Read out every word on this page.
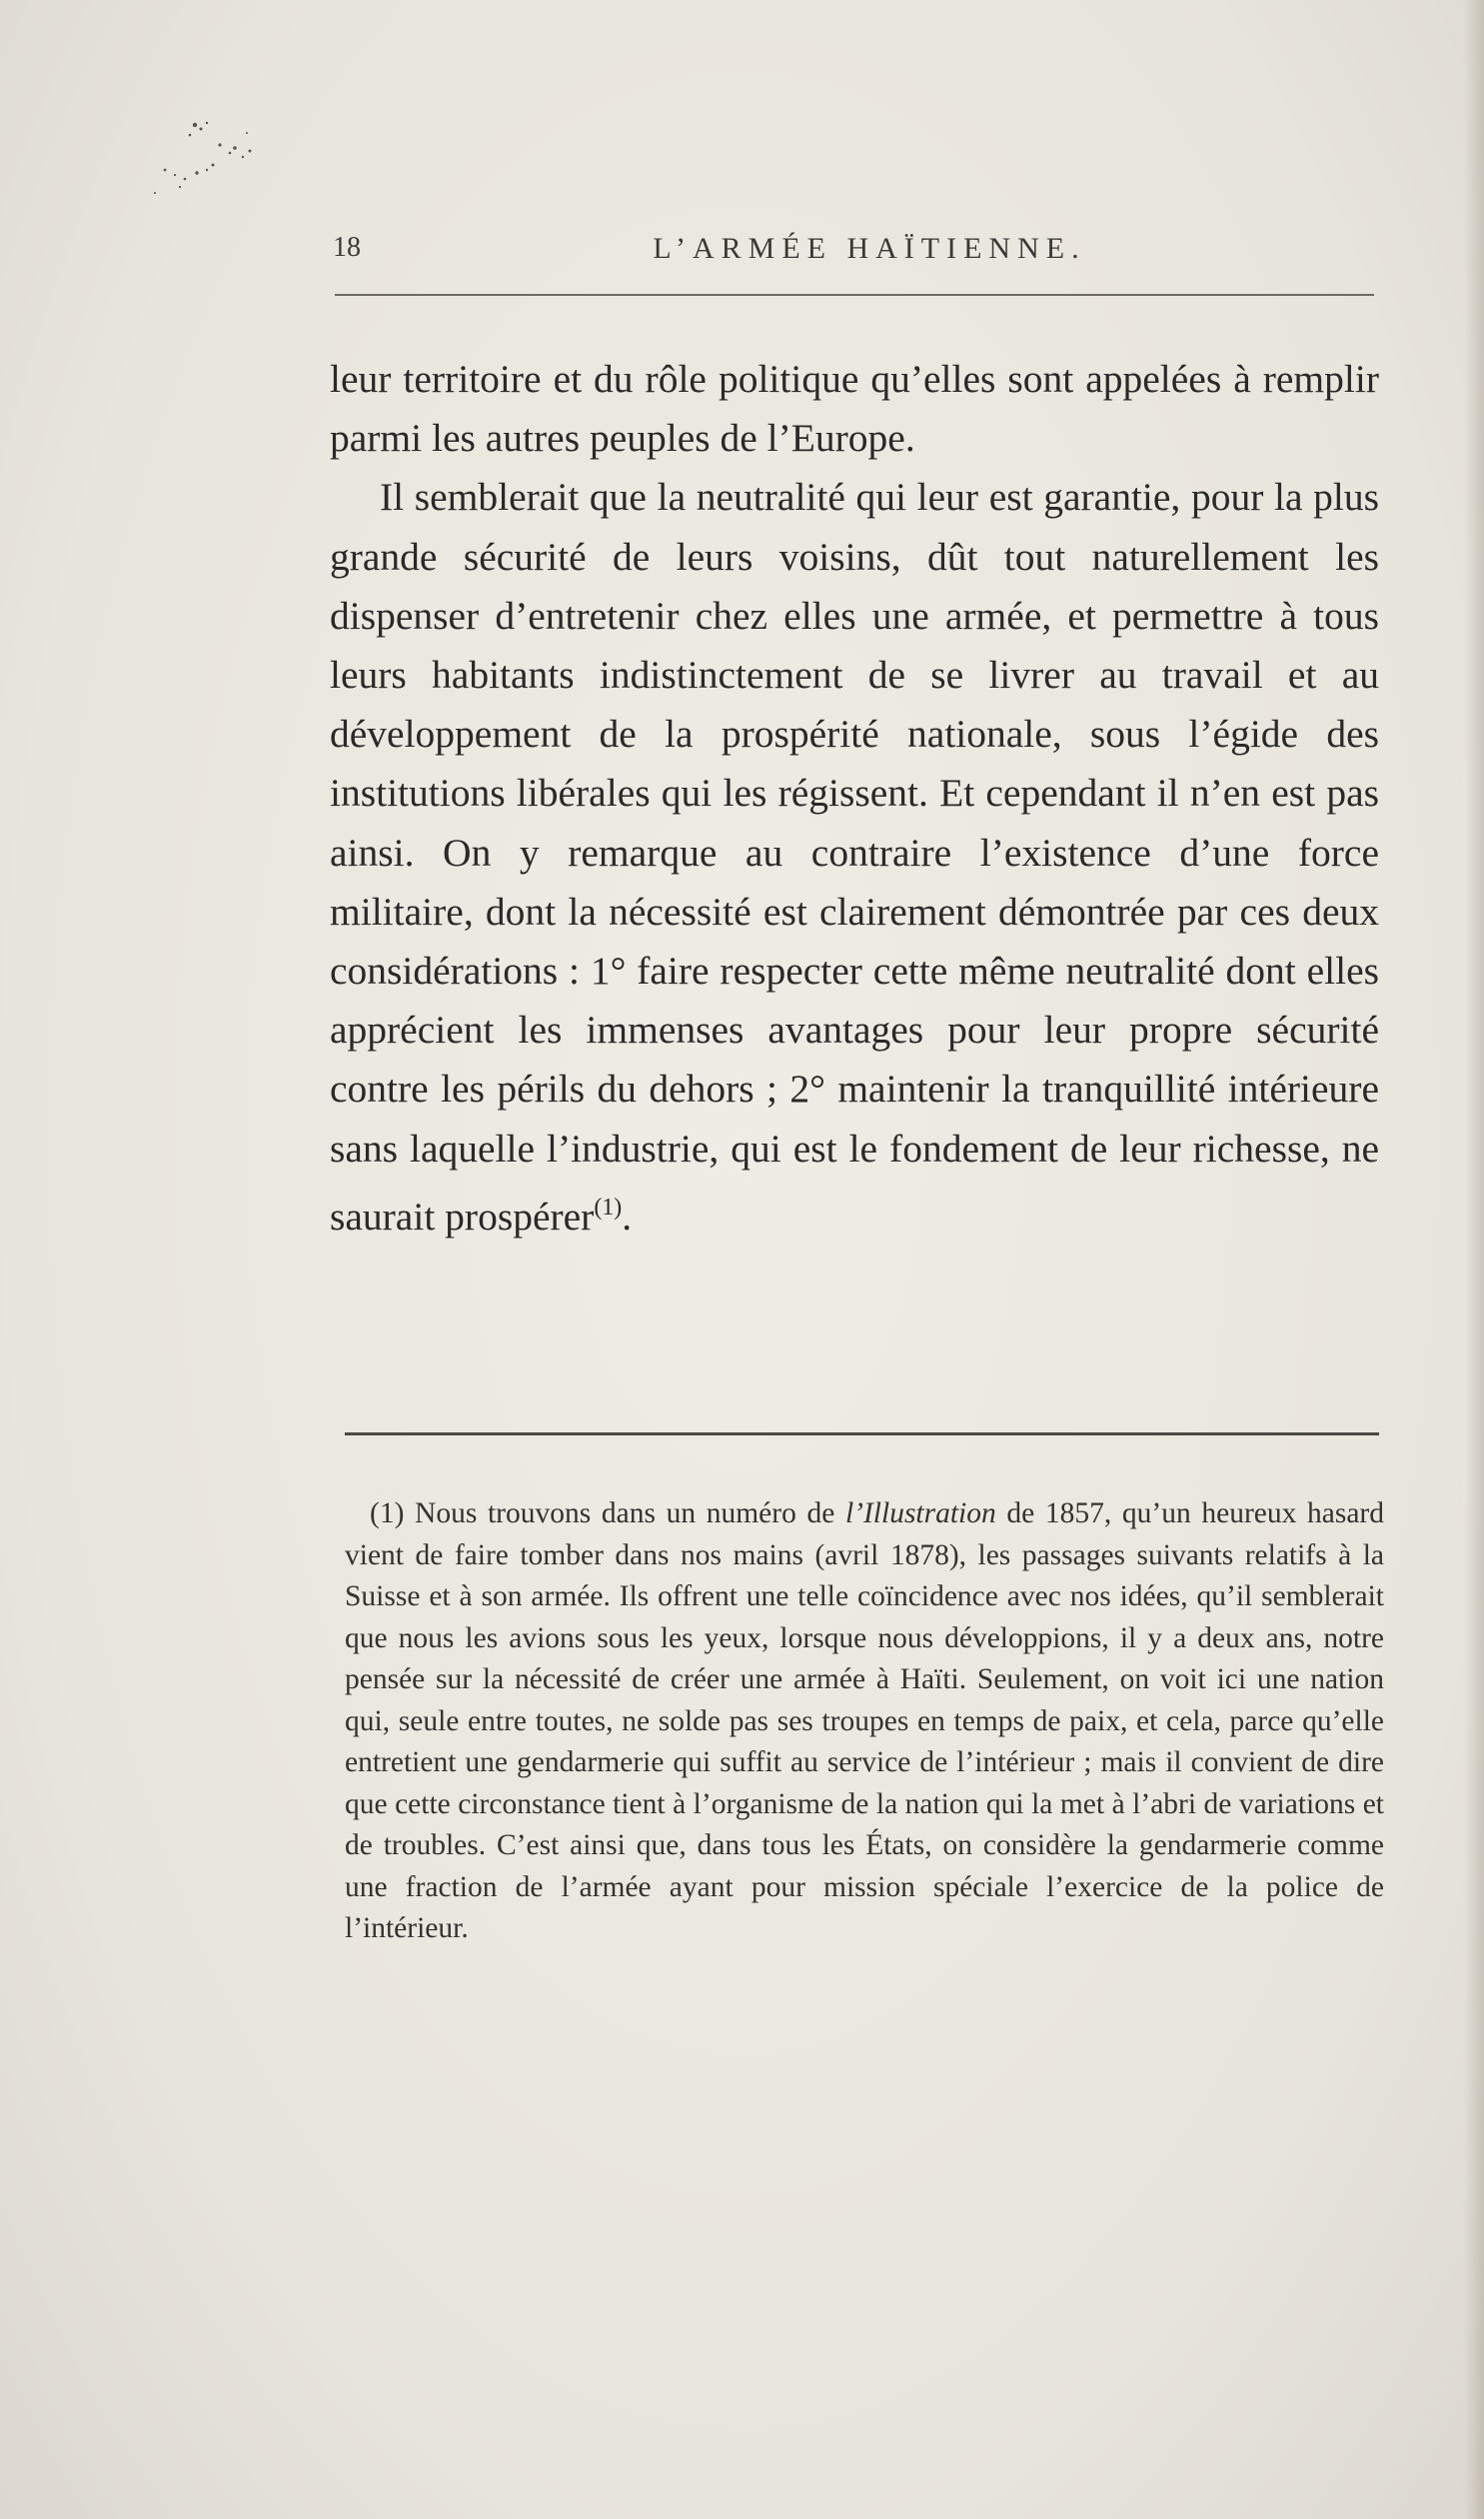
18	L’ARMÉE HAÏTIENNE.

leur territoire et du rôle politique qu’elles sont appelées à remplir parmi les autres peuples de l’Europe.

Il semblerait que la neutralité qui leur est garantie, pour la plus grande sécurité de leurs voisins, dût tout naturellement les dispenser d’entretenir chez elles une armée, et permettre à tous leurs habitants indistinctement de se livrer au travail et au développement de la prospérité nationale, sous l’égide des institutions libérales qui les régissent. Et cependant il n’en est pas ainsi. On y remarque au contraire l’existence d’une force militaire, dont la nécessité est clairement démontrée par ces deux considérations : 1° faire respecter cette même neutralité dont elles apprécient les immenses avantages pour leur propre sécurité contre les périls du dehors ; 2° maintenir la tranquillité intérieure sans laquelle l’industrie, qui est le fondement de leur richesse, ne saurait prospérer$^{(1)}$.

(1) Nous trouvons dans un numéro de l’Illustration de 1857, qu’un heureux hasard vient de faire tomber dans nos mains (avril 1878), les passages suivants relatifs à la Suisse et à son armée. Ils offrent une telle coïncidence avec nos idées, qu’il semblerait que nous les avions sous les yeux, lorsque nous développions, il y a deux ans, notre pensée sur la nécessité de créer une armée à Haïti. Seulement, on voit ici une nation qui, seule entre toutes, ne solde pas ses troupes en temps de paix, et cela, parce qu’elle entretient une gendarmerie qui suffit au service de l’intérieur ; mais il convient de dire que cette circonstance tient à l’organisme de la nation qui la met à l’abri de variations et de troubles. C’est ainsi que, dans tous les États, on considère la gendarmerie comme une fraction de l’armée ayant pour mission spéciale l’exercice de la police de l’intérieur.
